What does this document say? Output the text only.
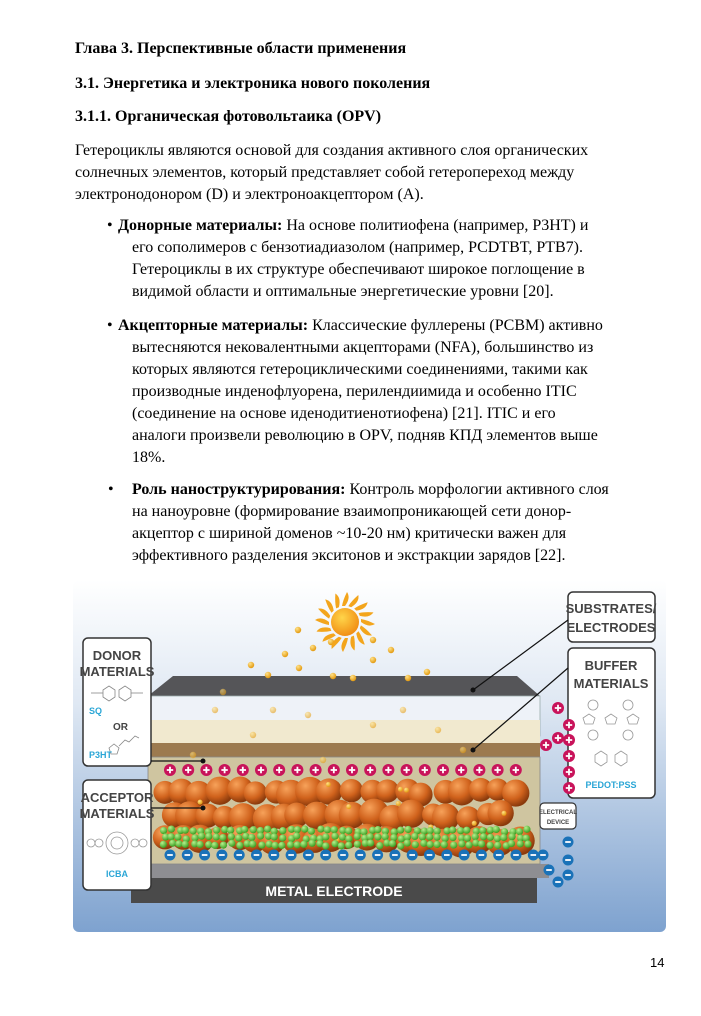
Глава 3. Перспективные области применения
3.1. Энергетика и электроника нового поколения
3.1.1. Органическая фотовольтаика (OPV)
Гетероциклы являются основой для создания активного слоя органических
солнечных элементов, который представляет собой гетеропереход между
электронодонором (D) и электроноакцептором (A).
• Донорные материалы: На основе политиофена (например, P3HT) и
его сополимеров с бензотиадиазолом (например, PCDTBT, PTB7).
Гетероциклы в их структуре обеспечивают широкое поглощение в
видимой области и оптимальные энергетические уровни [20].
• Акцепторные материалы: Классические фуллерены (PCBM) активно
вытесняются нековалентными акцепторами (NFA), большинство из
которых являются гетероциклическими соединениями, такими как
производные инденофлуорена, перилендиимида и особенно ITIC
(соединение на основе иденодитиенотиофена) [21]. ITIC и его
аналоги произвели революцию в OPV, подняв КПД элементов выше
18%.
• Роль наноструктурирования: Контроль морфологии активного слоя
на наноуровне (формирование взаимопроникающей сети донор-
акцептор с шириной доменов ~10-20 нм) критически важен для
эффективного разделения экситонов и экстракции зарядов [22].
METAL ELECTRODE
DONOR
MATERIALS
SQ
OR
P3HT
ACCEPTOR
MATERIALS
ICBA
SUBSTRATES/
ELECTRODES
BUFFER
MATERIALS
PEDOT:PSS
ELECTRICAL
DEVICE
14
